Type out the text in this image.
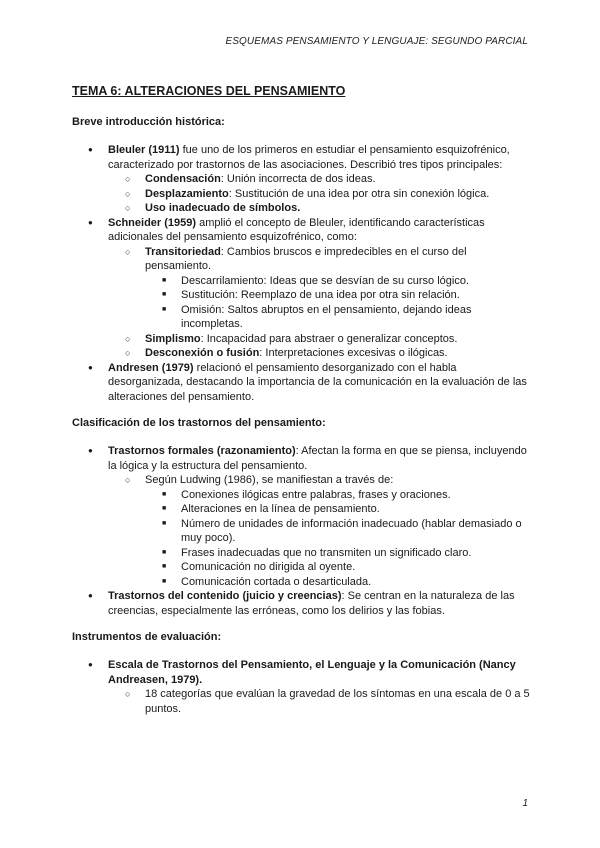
ESQUEMAS PENSAMIENTO Y LENGUAJE: SEGUNDO PARCIAL
TEMA 6: ALTERACIONES DEL PENSAMIENTO
Breve introducción histórica:
● Bleuler (1911) fue uno de los primeros en estudiar el pensamiento esquizofrénico, caracterizado por trastornos de las asociaciones. Describió tres tipos principales:
○ Condensación: Unión incorrecta de dos ideas.
○ Desplazamiento: Sustitución de una idea por otra sin conexión lógica.
○ Uso inadecuado de símbolos.
● Schneider (1959) amplió el concepto de Bleuler, identificando características adicionales del pensamiento esquizofrénico, como:
○ Transitoriedad: Cambios bruscos e impredecibles en el curso del pensamiento.
■ Descarrilamiento: Ideas que se desvían de su curso lógico.
■ Sustitución: Reemplazo de una idea por otra sin relación.
■ Omisión: Saltos abruptos en el pensamiento, dejando ideas incompletas.
○ Simplismo: Incapacidad para abstraer o generalizar conceptos.
○ Desconexión o fusión: Interpretaciones excesivas o ilógicas.
● Andresen (1979) relacionó el pensamiento desorganizado con el habla desorganizada, destacando la importancia de la comunicación en la evaluación de las alteraciones del pensamiento.
Clasificación de los trastornos del pensamiento:
● Trastornos formales (razonamiento): Afectan la forma en que se piensa, incluyendo la lógica y la estructura del pensamiento.
○ Según Ludwing (1986), se manifiestan a través de:
■ Conexiones ilógicas entre palabras, frases y oraciones.
■ Alteraciones en la línea de pensamiento.
■ Número de unidades de información inadecuado (hablar demasiado o muy poco).
■ Frases inadecuadas que no transmiten un significado claro.
■ Comunicación no dirigida al oyente.
■ Comunicación cortada o desarticulada.
● Trastornos del contenido (juicio y creencias): Se centran en la naturaleza de las creencias, especialmente las erróneas, como los delirios y las fobias.
Instrumentos de evaluación:
● Escala de Trastornos del Pensamiento, el Lenguaje y la Comunicación (Nancy Andreasen, 1979).
○ 18 categorías que evalúan la gravedad de los síntomas en una escala de 0 a 5 puntos.
1
